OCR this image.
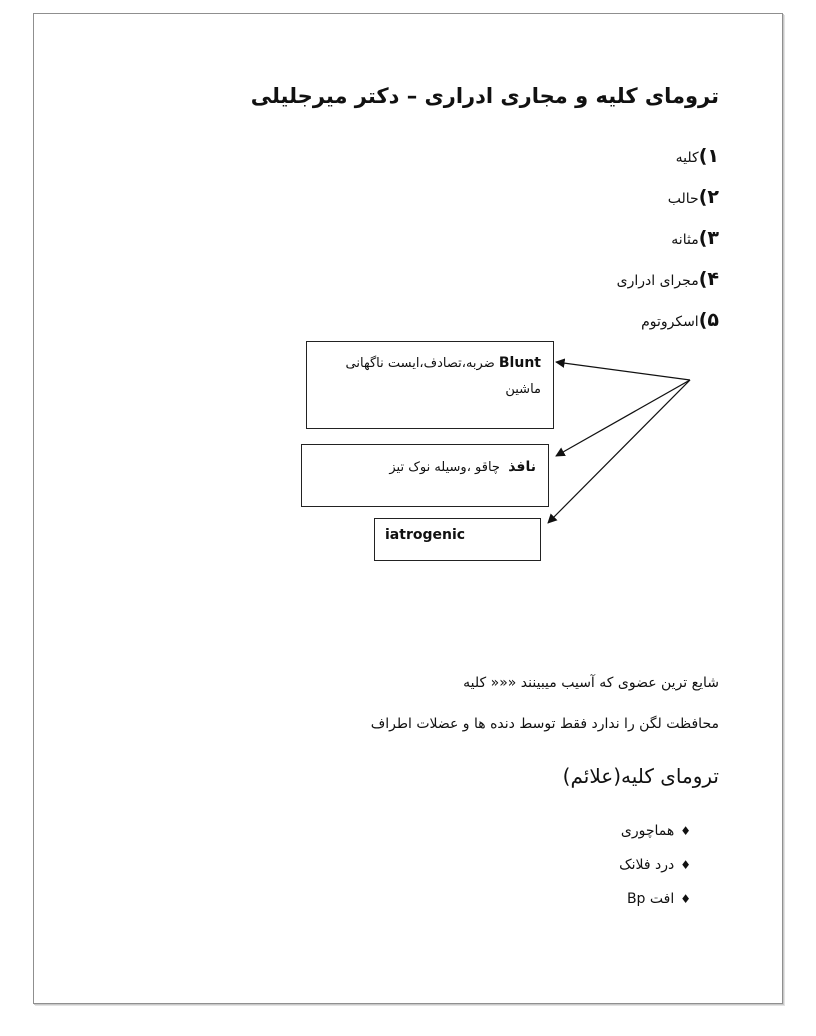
ترومای کلیه و مجاری ادراری – دکتر میرجلیلی
۱)کلیه
۲)حالب
۳)مثانه
۴)مجرای ادراری
۵)اسکروتوم
Blunt ضربه،تصادف،ایست ناگهانی
ماشین
نافذ  چاقو ،وسیله نوک تیز
iatrogenic
شایع ترین عضوی که آسیب میبینند ««« کلیه
محافظت لگن را ندارد فقط توسط دنده ها و عضلات اطراف
ترومای کلیه(علائم)
♦هماچوری
♦درد فلانک
♦افت Bp
